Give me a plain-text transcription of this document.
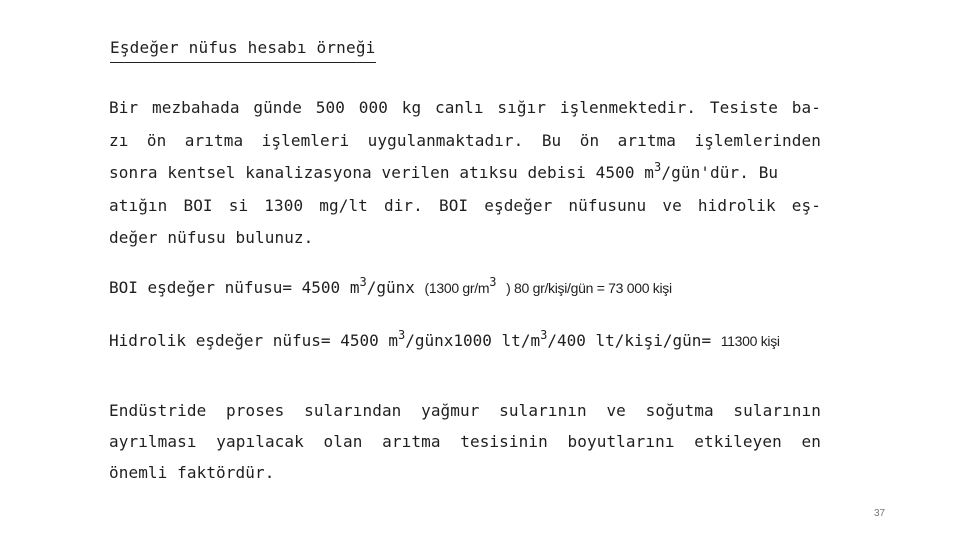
Eşdeğer nüfus hesabı örneği
Bir mezbahada günde 500 000 kg canlı sığır işlenmektedir. Tesiste ba-
zı ön arıtma işlemleri uygulanmaktadır. Bu ön arıtma işlemlerinden
sonra kentsel kanalizasyona verilen atıksu debisi 4500 $m^3/gün'dür$. Bu
atığın BOI si 1300 mg/lt dir. BOI eşdeğer nüfusunu ve hidrolik eş-
değer nüfusu bulunuz.
BOI eşdeğer nüfusu= 4500 $m^3$/günx (1300 $gr/m^3$ ) 80 gr/kişi/gün = 73 000 kişi
Hidrolik eşdeğer nüfus= 4500 $m^3/günx1000$ $lt/m^3/400$ lt/kişi/gün= 11300 kişi
Endüstride proses sularından yağmur sularının ve soğutma sularının
ayrılması yapılacak olan arıtma tesisinin boyutlarını etkileyen en
önemli faktördür.
37
